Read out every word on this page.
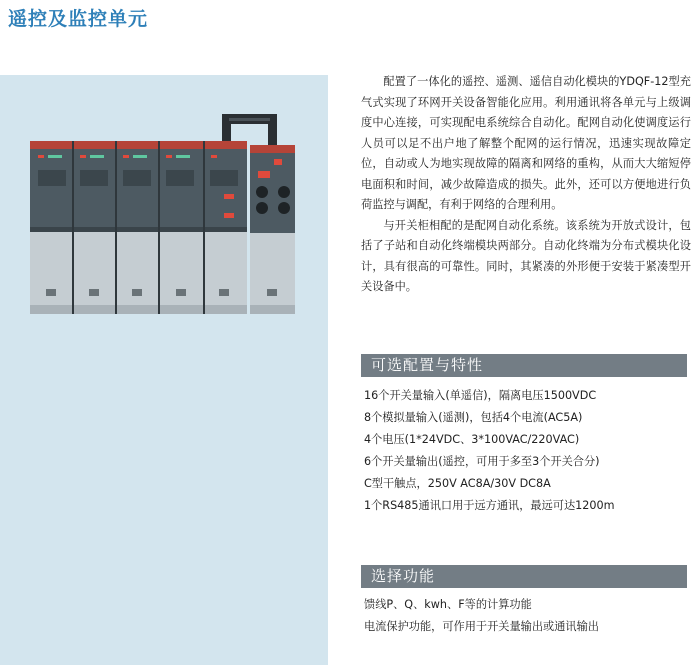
遥控及监控单元

配置了一体化的遥控、遥测、遥信自动化模块的YDQF-12型充气式实现了环网开关设备智能化应用。利用通讯将各单元与上级调度中心连接，可实现配电系统综合自动化。配网自动化使调度运行人员可以足不出户地了解整个配网的运行情况，迅速实现故障定位，自动或人为地实现故障的隔离和网络的重构，从而大大缩短停电面积和时间，减少故障造成的损失。此外，还可以方便地进行负荷监控与调配，有利于网络的合理利用。

与开关柜相配的是配网自动化系统。该系统为开放式设计，包括了子站和自动化终端模块两部分。自动化终端为分布式模块化设计，具有很高的可靠性。同时，其紧凑的外形便于安装于紧凑型开关设备中。

可选配置与特性
16个开关量输入(单遥信)，隔离电压1500VDC
8个模拟量输入(遥测)，包括4个电流(AC5A)
4个电压(1*24VDC、3*100VAC/220VAC)
6个开关量输出(遥控，可用于多至3个开关合分)
C型干触点，250V AC8A/30V DC8A
1个RS485通讯口用于远方通讯，最远可达1200m
选择功能
馈线P、Q、kwh、F等的计算功能
电流保护功能，可作用于开关量输出或通讯输出
